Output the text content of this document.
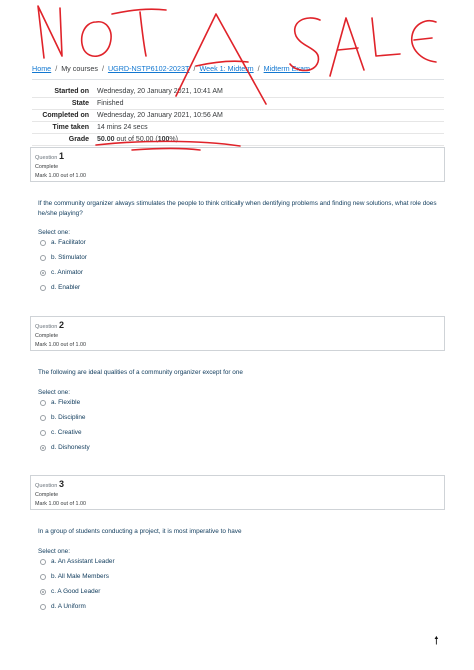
Home / My courses / UGRD-NSTP6102-2023T / Week 1: Midterm / Midterm Exam
Started on	Wednesday, 20 January 2021, 10:41 AM
State	Finished
Completed on	Wednesday, 20 January 2021, 10:56 AM
Time taken	14 mins 24 secs
Grade	50.00 out of 50.00 (100%)
Question 1
Complete
Mark 1.00 out of 1.00
If the community organizer always stimulates the people to think critically when dentifying problems and finding new solutions, what role does he/she playing?
Select one:
a. Facilitator
b. Stimulator
c. Animator
d. Enabler
Question 2
Complete
Mark 1.00 out of 1.00
The following are ideal qualities of a community organizer except for one
Select one:
a. Flexible
b. Discipline
c. Creative
d. Dishonesty
Question 3
Complete
Mark 1.00 out of 1.00
In a group of students conducting a project, it is most imperative to have
Select one:
a. An Assistant Leader
b. All Male Members
c. A Good Leader
d. A Uniform
🠕
